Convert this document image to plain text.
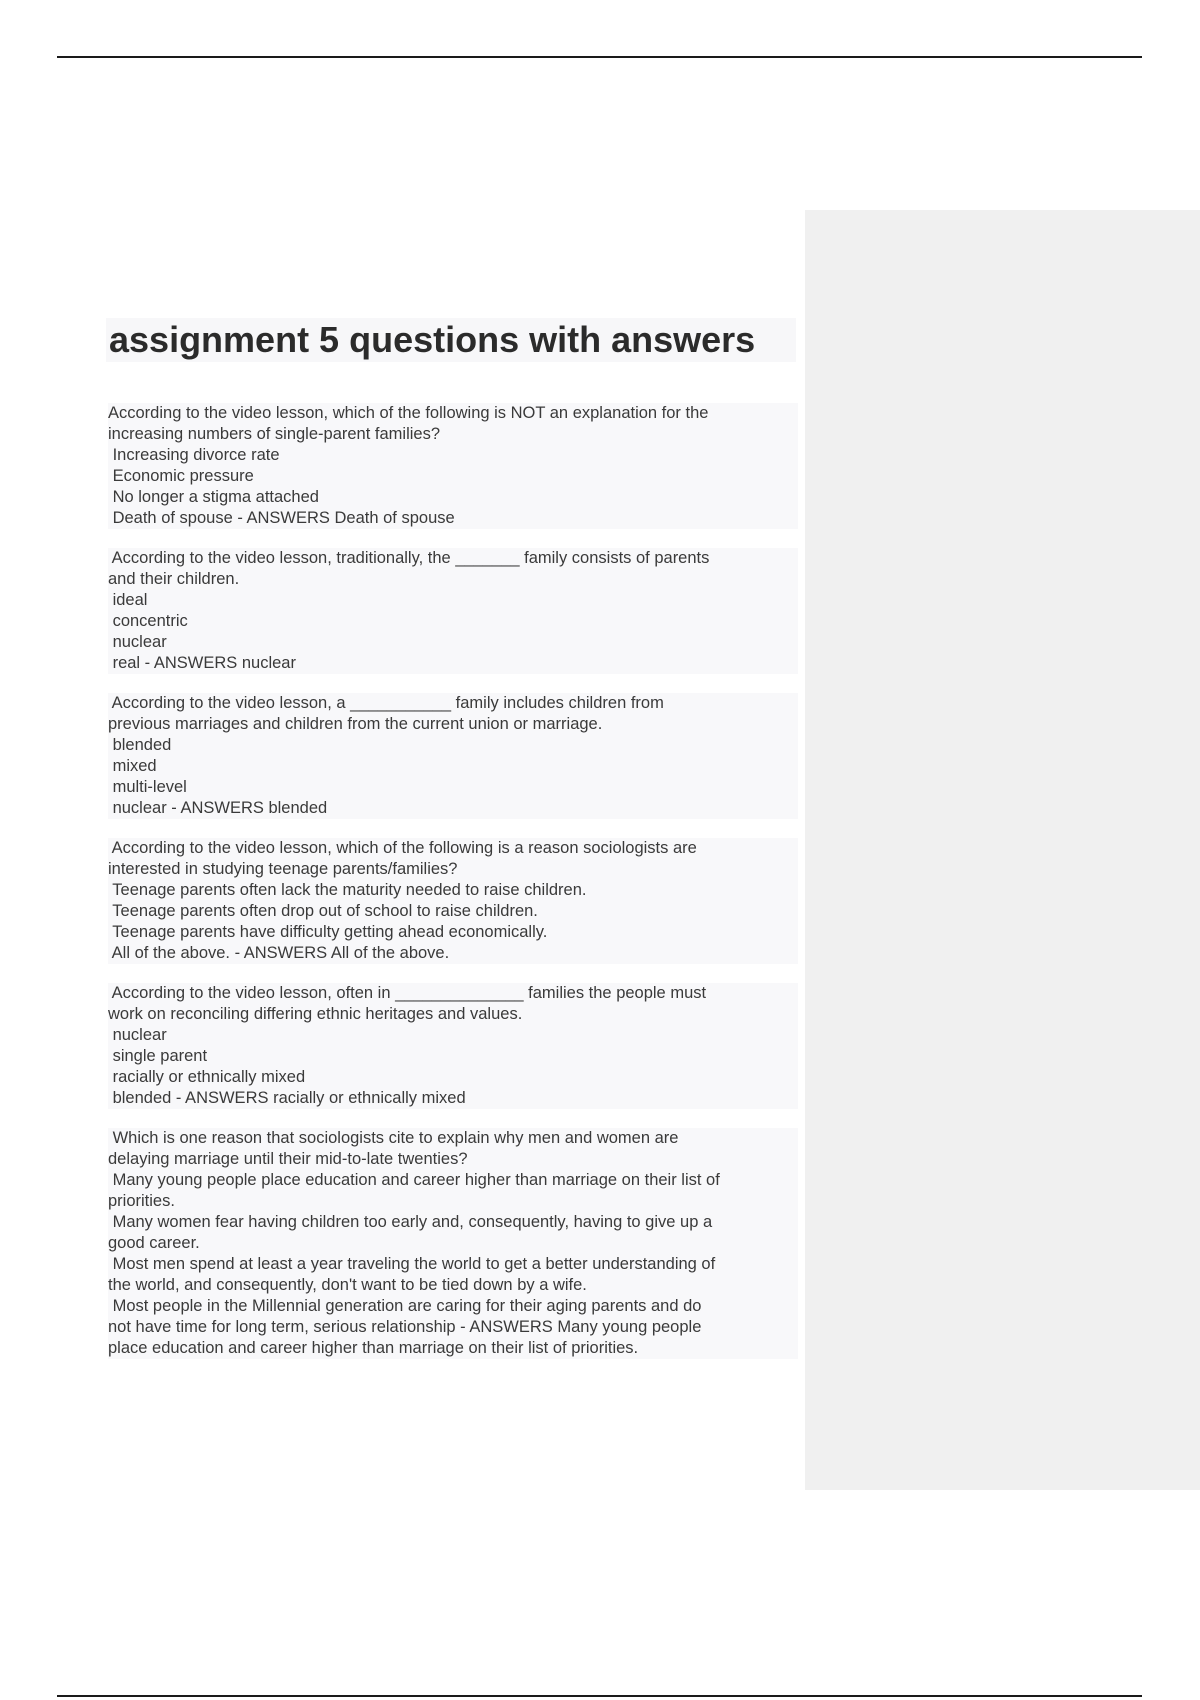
assignment 5 questions with answers
According to the video lesson, which of the following is NOT an explanation for the
increasing numbers of single-parent families?
Increasing divorce rate
Economic pressure
No longer a stigma attached
Death of spouse - ANSWERS Death of spouse
According to the video lesson, traditionally, the _______ family consists of parents
and their children.
ideal
concentric
nuclear
real - ANSWERS nuclear
According to the video lesson, a ___________ family includes children from
previous marriages and children from the current union or marriage.
blended
mixed
multi-level
nuclear - ANSWERS blended
According to the video lesson, which of the following is a reason sociologists are
interested in studying teenage parents/families?
Teenage parents often lack the maturity needed to raise children.
Teenage parents often drop out of school to raise children.
Teenage parents have difficulty getting ahead economically.
All of the above. - ANSWERS All of the above.
According to the video lesson, often in ______________ families the people must
work on reconciling differing ethnic heritages and values.
nuclear
single parent
racially or ethnically mixed
blended - ANSWERS racially or ethnically mixed
Which is one reason that sociologists cite to explain why men and women are
delaying marriage until their mid-to-late twenties?
Many young people place education and career higher than marriage on their list of
priorities.
Many women fear having children too early and, consequently, having to give up a
good career.
Most men spend at least a year traveling the world to get a better understanding of
the world, and consequently, don't want to be tied down by a wife.
Most people in the Millennial generation are caring for their aging parents and do
not have time for long term, serious relationship - ANSWERS Many young people
place education and career higher than marriage on their list of priorities.
